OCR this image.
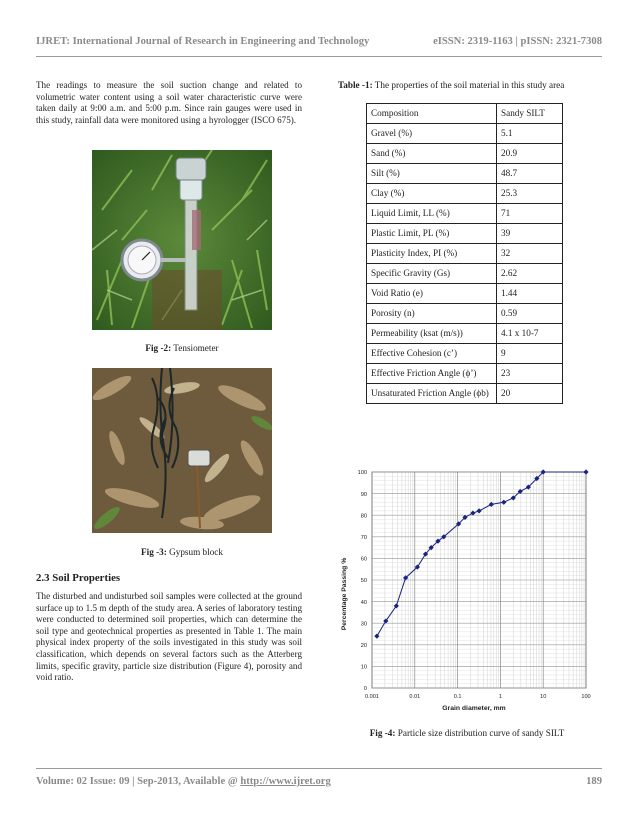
IJRET: International Journal of Research in Engineering and Technology	eISSN: 2319-1163 | pISSN: 2321-7308
The readings to measure the soil suction change and related to volumetric water content using a soil water characteristic curve were taken daily at 9:00 a.m. and 5:00 p.m. Since rain gauges were used in this study, rainfall data were monitored using a hyrologger (ISCO 675).
Fig -2: Tensiometer
Fig -3: Gypsum block
2.3 Soil Properties
The disturbed and undisturbed soil samples were collected at the ground surface up to 1.5 m depth of the study area. A series of laboratory testing were conducted to determined soil properties, which can determine the soil type and geotechnical properties as presented in Table 1. The main physical index property of the soils investigated in this study was soil classification, which depends on several factors such as the Atterberg limits, specific gravity, particle size distribution (Figure 4), porosity and void ratio.
Table -1: The properties of the soil material in this study area
Composition	Sandy SILT
Gravel (%)	5.1
Sand (%)	20.9
Silt (%)	48.7
Clay (%)	25.3
Liquid Limit, LL (%)	71
Plastic Limit, PL (%)	39
Plasticity Index, PI (%)	32
Specific Gravity (Gs)	2.62
Void Ratio (e)	1.44
Porosity (n)	0.59
Permeability (ksat (m/s))	4.1 x 10-7
Effective Cohesion (c’)	9
Effective Friction Angle (ϕ’)	23
Unsaturated Friction Angle (ϕb)	20
0
10
20
30
40
50
60
70
80
90
100
0.001	0.01	0.1	1	10	100
Percentage Passing %
Grain diameter, mm
Fig -4: Particle size distribution curve of sandy SILT
Volume: 02 Issue: 09 | Sep-2013, Available @ http://www.ijret.org	189
